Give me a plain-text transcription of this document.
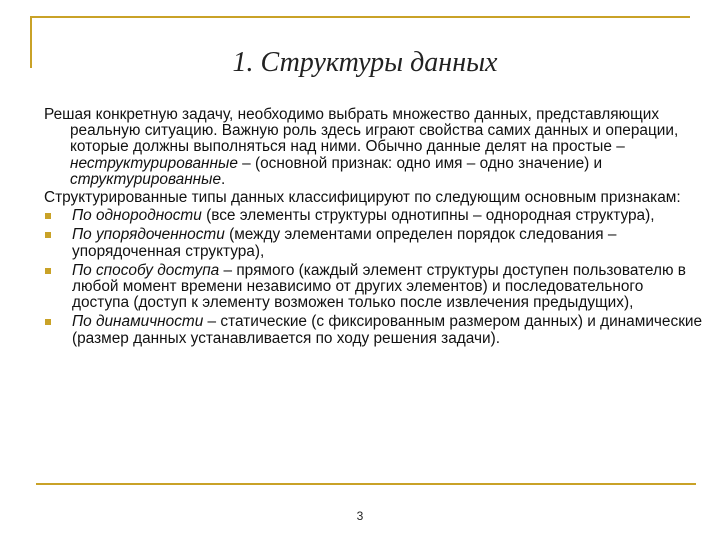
1. Структуры данных

Решая конкретную задачу, необходимо выбрать множество данных, представляющих реальную ситуацию. Важную роль здесь играют свойства самих данных и операции, которые должны выполняться над ними. Обычно данные делят на простые – неструктурированные – (основной признак: одно имя – одно значение) и структурированные.

Структурированные типы данных классифицируют по следующим основным признакам:

По однородности (все элементы структуры однотипны – однородная структура),
По упорядоченности (между элементами определен порядок следования – упорядоченная структура),
По способу доступа – прямого (каждый элемент структуры доступен пользователю в любой момент времени независимо от других элементов) и последовательного доступа (доступ к элементу возможен только после извлечения предыдущих),
По динамичности – статические (с фиксированным размером данных) и динамические (размер данных устанавливается по ходу решения задачи).
3
